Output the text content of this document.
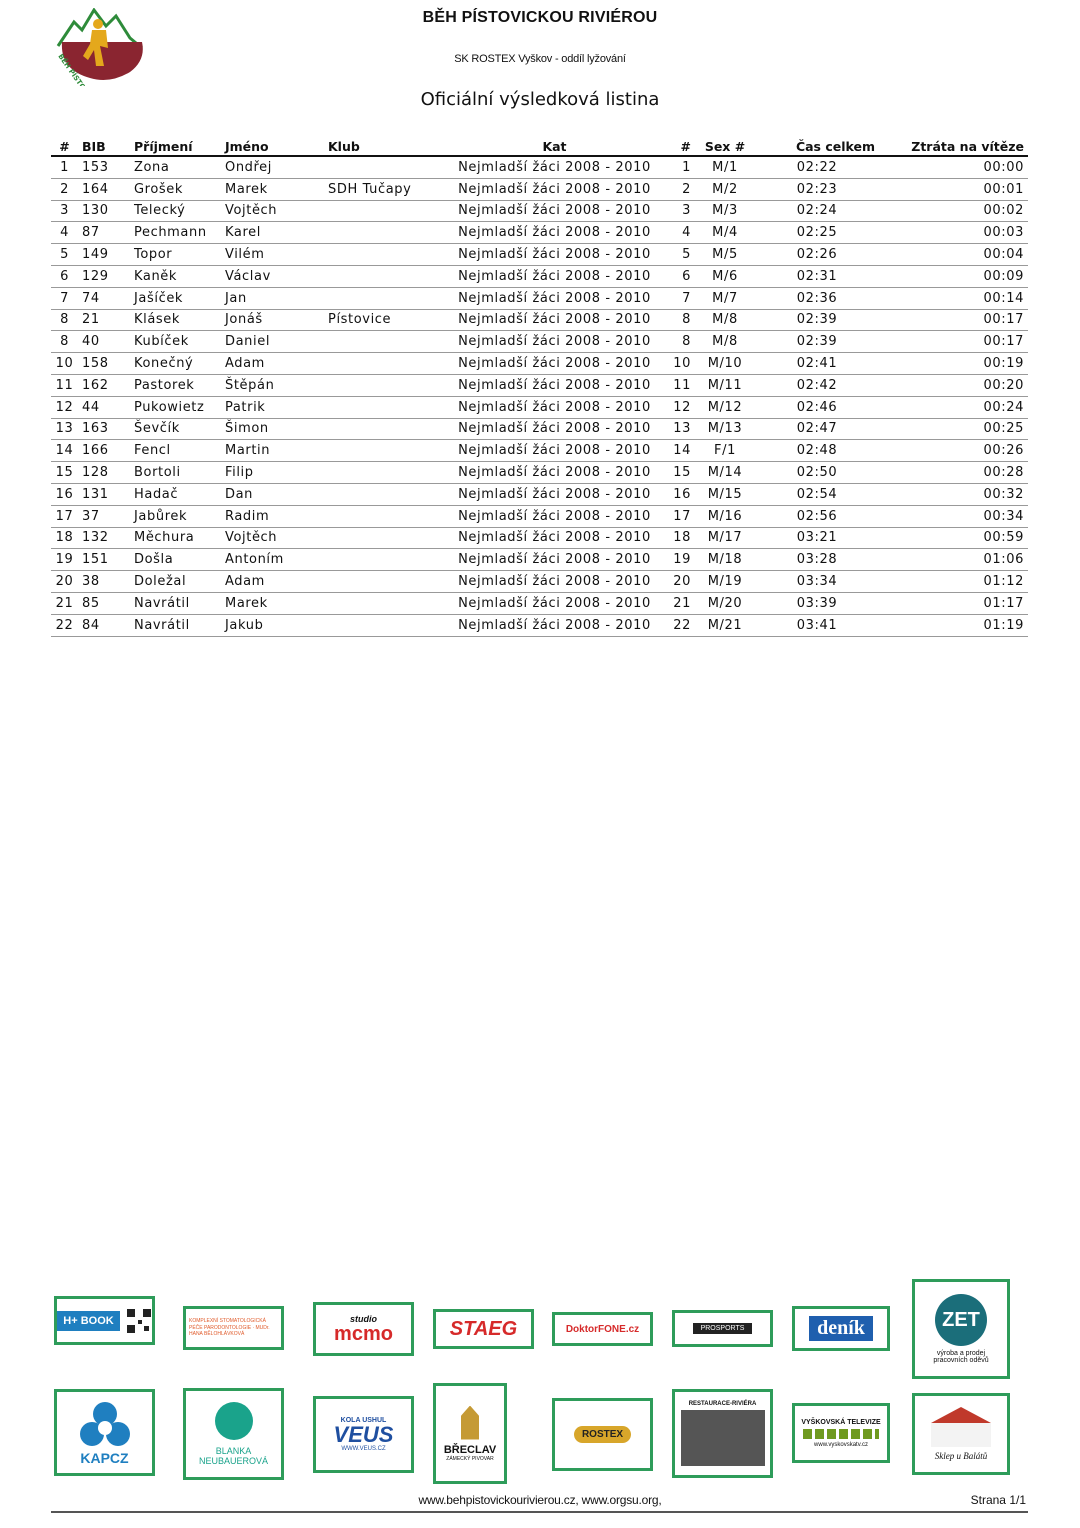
BĚH PÍSTOVICKOU RIVIÉROU
SK ROSTEX Vyškov - oddíl lyžování
Oficiální výsledková listina
#	BIB	Příjmení	Jméno	Klub	Kat	#	Sex #	Čas celkem	Ztráta na vítěze
1	153	Zona	Ondřej		Nejmladší žáci 2008 - 2010	1	M/1	02:22	00:00
2	164	Grošek	Marek	SDH Tučapy	Nejmladší žáci 2008 - 2010	2	M/2	02:23	00:01
3	130	Telecký	Vojtěch		Nejmladší žáci 2008 - 2010	3	M/3	02:24	00:02
4	87	Pechmann	Karel		Nejmladší žáci 2008 - 2010	4	M/4	02:25	00:03
5	149	Topor	Vilém		Nejmladší žáci 2008 - 2010	5	M/5	02:26	00:04
6	129	Kaněk	Václav		Nejmladší žáci 2008 - 2010	6	M/6	02:31	00:09
7	74	Jašíček	Jan		Nejmladší žáci 2008 - 2010	7	M/7	02:36	00:14
8	21	Klásek	Jonáš	Pístovice	Nejmladší žáci 2008 - 2010	8	M/8	02:39	00:17
8	40	Kubíček	Daniel		Nejmladší žáci 2008 - 2010	8	M/8	02:39	00:17
10	158	Konečný	Adam		Nejmladší žáci 2008 - 2010	10	M/10	02:41	00:19
11	162	Pastorek	Štěpán		Nejmladší žáci 2008 - 2010	11	M/11	02:42	00:20
12	44	Pukowietz	Patrik		Nejmladší žáci 2008 - 2010	12	M/12	02:46	00:24
13	163	Ševčík	Šimon		Nejmladší žáci 2008 - 2010	13	M/13	02:47	00:25
14	166	Fencl	Martin		Nejmladší žáci 2008 - 2010	14	F/1	02:48	00:26
15	128	Bortoli	Filip		Nejmladší žáci 2008 - 2010	15	M/14	02:50	00:28
16	131	Hadač	Dan		Nejmladší žáci 2008 - 2010	16	M/15	02:54	00:32
17	37	Jabůrek	Radim		Nejmladší žáci 2008 - 2010	17	M/16	02:56	00:34
18	132	Měchura	Vojtěch		Nejmladší žáci 2008 - 2010	18	M/17	03:21	00:59
19	151	Došla	Antoním		Nejmladší žáci 2008 - 2010	19	M/18	03:28	01:06
20	38	Doležal	Adam		Nejmladší žáci 2008 - 2010	20	M/19	03:34	01:12
21	85	Navrátil	Marek		Nejmladší žáci 2008 - 2010	21	M/20	03:39	01:17
22	84	Navrátil	Jakub		Nejmladší žáci 2008 - 2010	22	M/21	03:41	01:19
H+ BOOK	KOMPLEXNÍ STOMATOLOGICKÁ PÉČE PARODONTOLOGIE · MUDr. HANA BĚLOHLÁVKOVÁ
studio
mcmo	STAEG	DoktorFONE.cz	PROSPORTS	deník	ZET
výroba a prodej pracovních oděvů
KAPCZ	BLANKA NEUBAUEROVÁ
KOLA USHUL
VEUS
WWW.VEUS.CZ	BŘECLAV
ZÁMECKÝ PIVOVAR
ROSTEX
RESTAURACE-RIVIÉRA
VYŠKOVSKÁ TELEVIZE
www.vyskovskatv.cz
Sklep u Balátů
www.behpistovickourivierou.cz, www.orgsu.org,	Strana 1/1
